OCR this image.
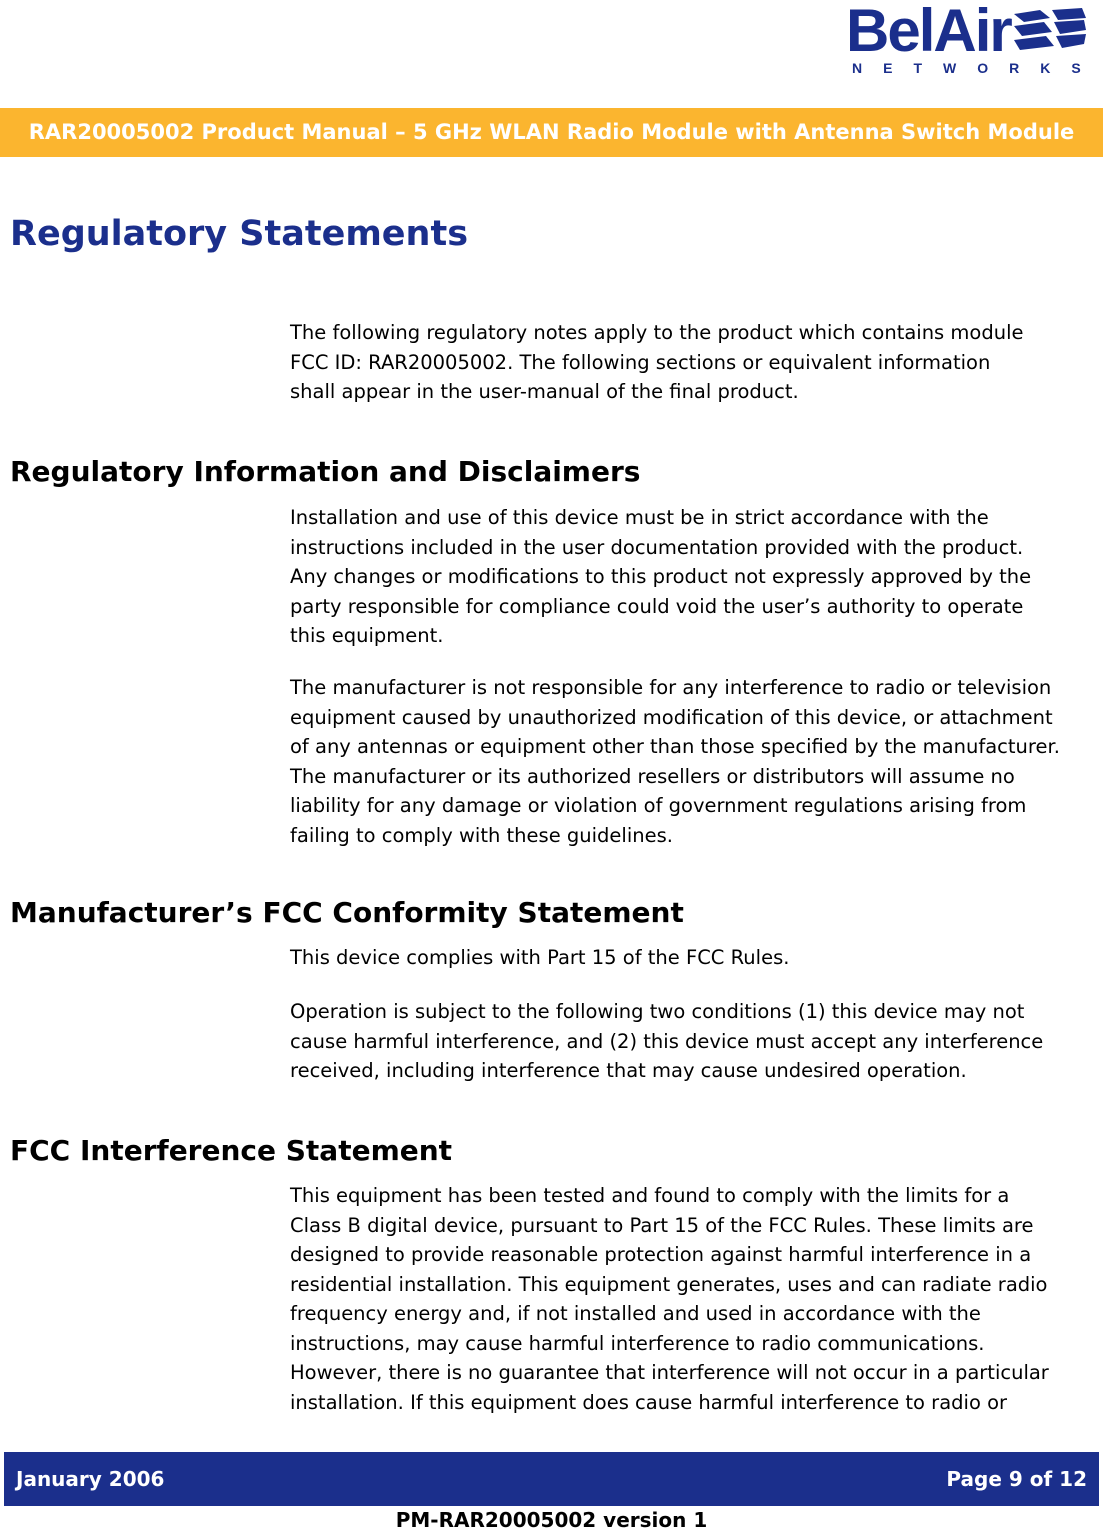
BelAir
NETWORKS
RAR20005002 Product Manual – 5 GHz WLAN Radio Module with Antenna Switch Module
Regulatory Statements

The following regulatory notes apply to the product which contains module
FCC ID: RAR20005002. The following sections or equivalent information
shall appear in the user-manual of the final product.

Regulatory Information and Disclaimers

Installation and use of this device must be in strict accordance with the
instructions included in the user documentation provided with the product.
Any changes or modifications to this product not expressly approved by the
party responsible for compliance could void the user’s authority to operate
this equipment.

The manufacturer is not responsible for any interference to radio or television
equipment caused by unauthorized modification of this device, or attachment
of any antennas or equipment other than those specified by the manufacturer.
The manufacturer or its authorized resellers or distributors will assume no
liability for any damage or violation of government regulations arising from
failing to comply with these guidelines.

Manufacturer’s FCC Conformity Statement

This device complies with Part 15 of the FCC Rules.

Operation is subject to the following two conditions (1) this device may not
cause harmful interference, and (2) this device must accept any interference
received, including interference that may cause undesired operation.

FCC Interference Statement

This equipment has been tested and found to comply with the limits for a
Class B digital device, pursuant to Part 15 of the FCC Rules. These limits are
designed to provide reasonable protection against harmful interference in a
residential installation. This equipment generates, uses and can radiate radio
frequency energy and, if not installed and used in accordance with the
instructions, may cause harmful interference to radio communications.
However, there is no guarantee that interference will not occur in a particular
installation. If this equipment does cause harmful interference to radio or

January 2006	Page 9 of 12
PM-RAR20005002 version 1
